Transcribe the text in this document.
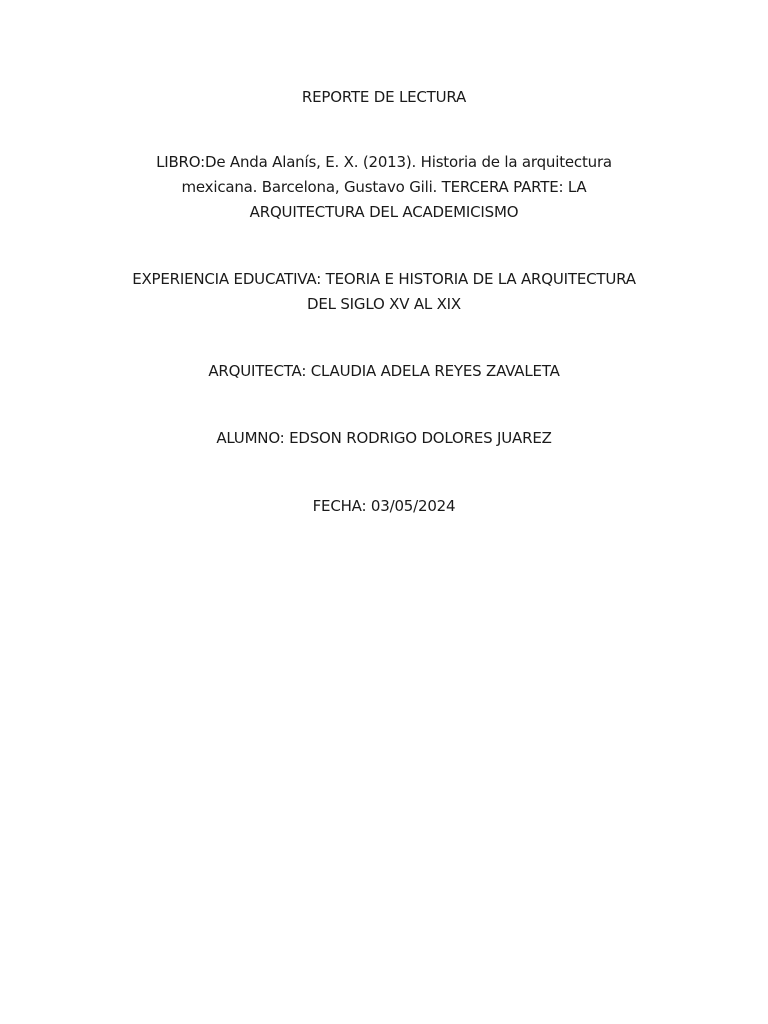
REPORTE DE LECTURA
LIBRO:De Anda Alanís, E. X. (2013). Historia de la arquitectura
mexicana. Barcelona, Gustavo Gili. TERCERA PARTE: LA
ARQUITECTURA DEL ACADEMICISMO
EXPERIENCIA EDUCATIVA: TEORIA E HISTORIA DE LA ARQUITECTURA
DEL SIGLO XV AL XIX
ARQUITECTA: CLAUDIA ADELA REYES ZAVALETA
ALUMNO: EDSON RODRIGO DOLORES JUAREZ
FECHA: 03/05/2024
